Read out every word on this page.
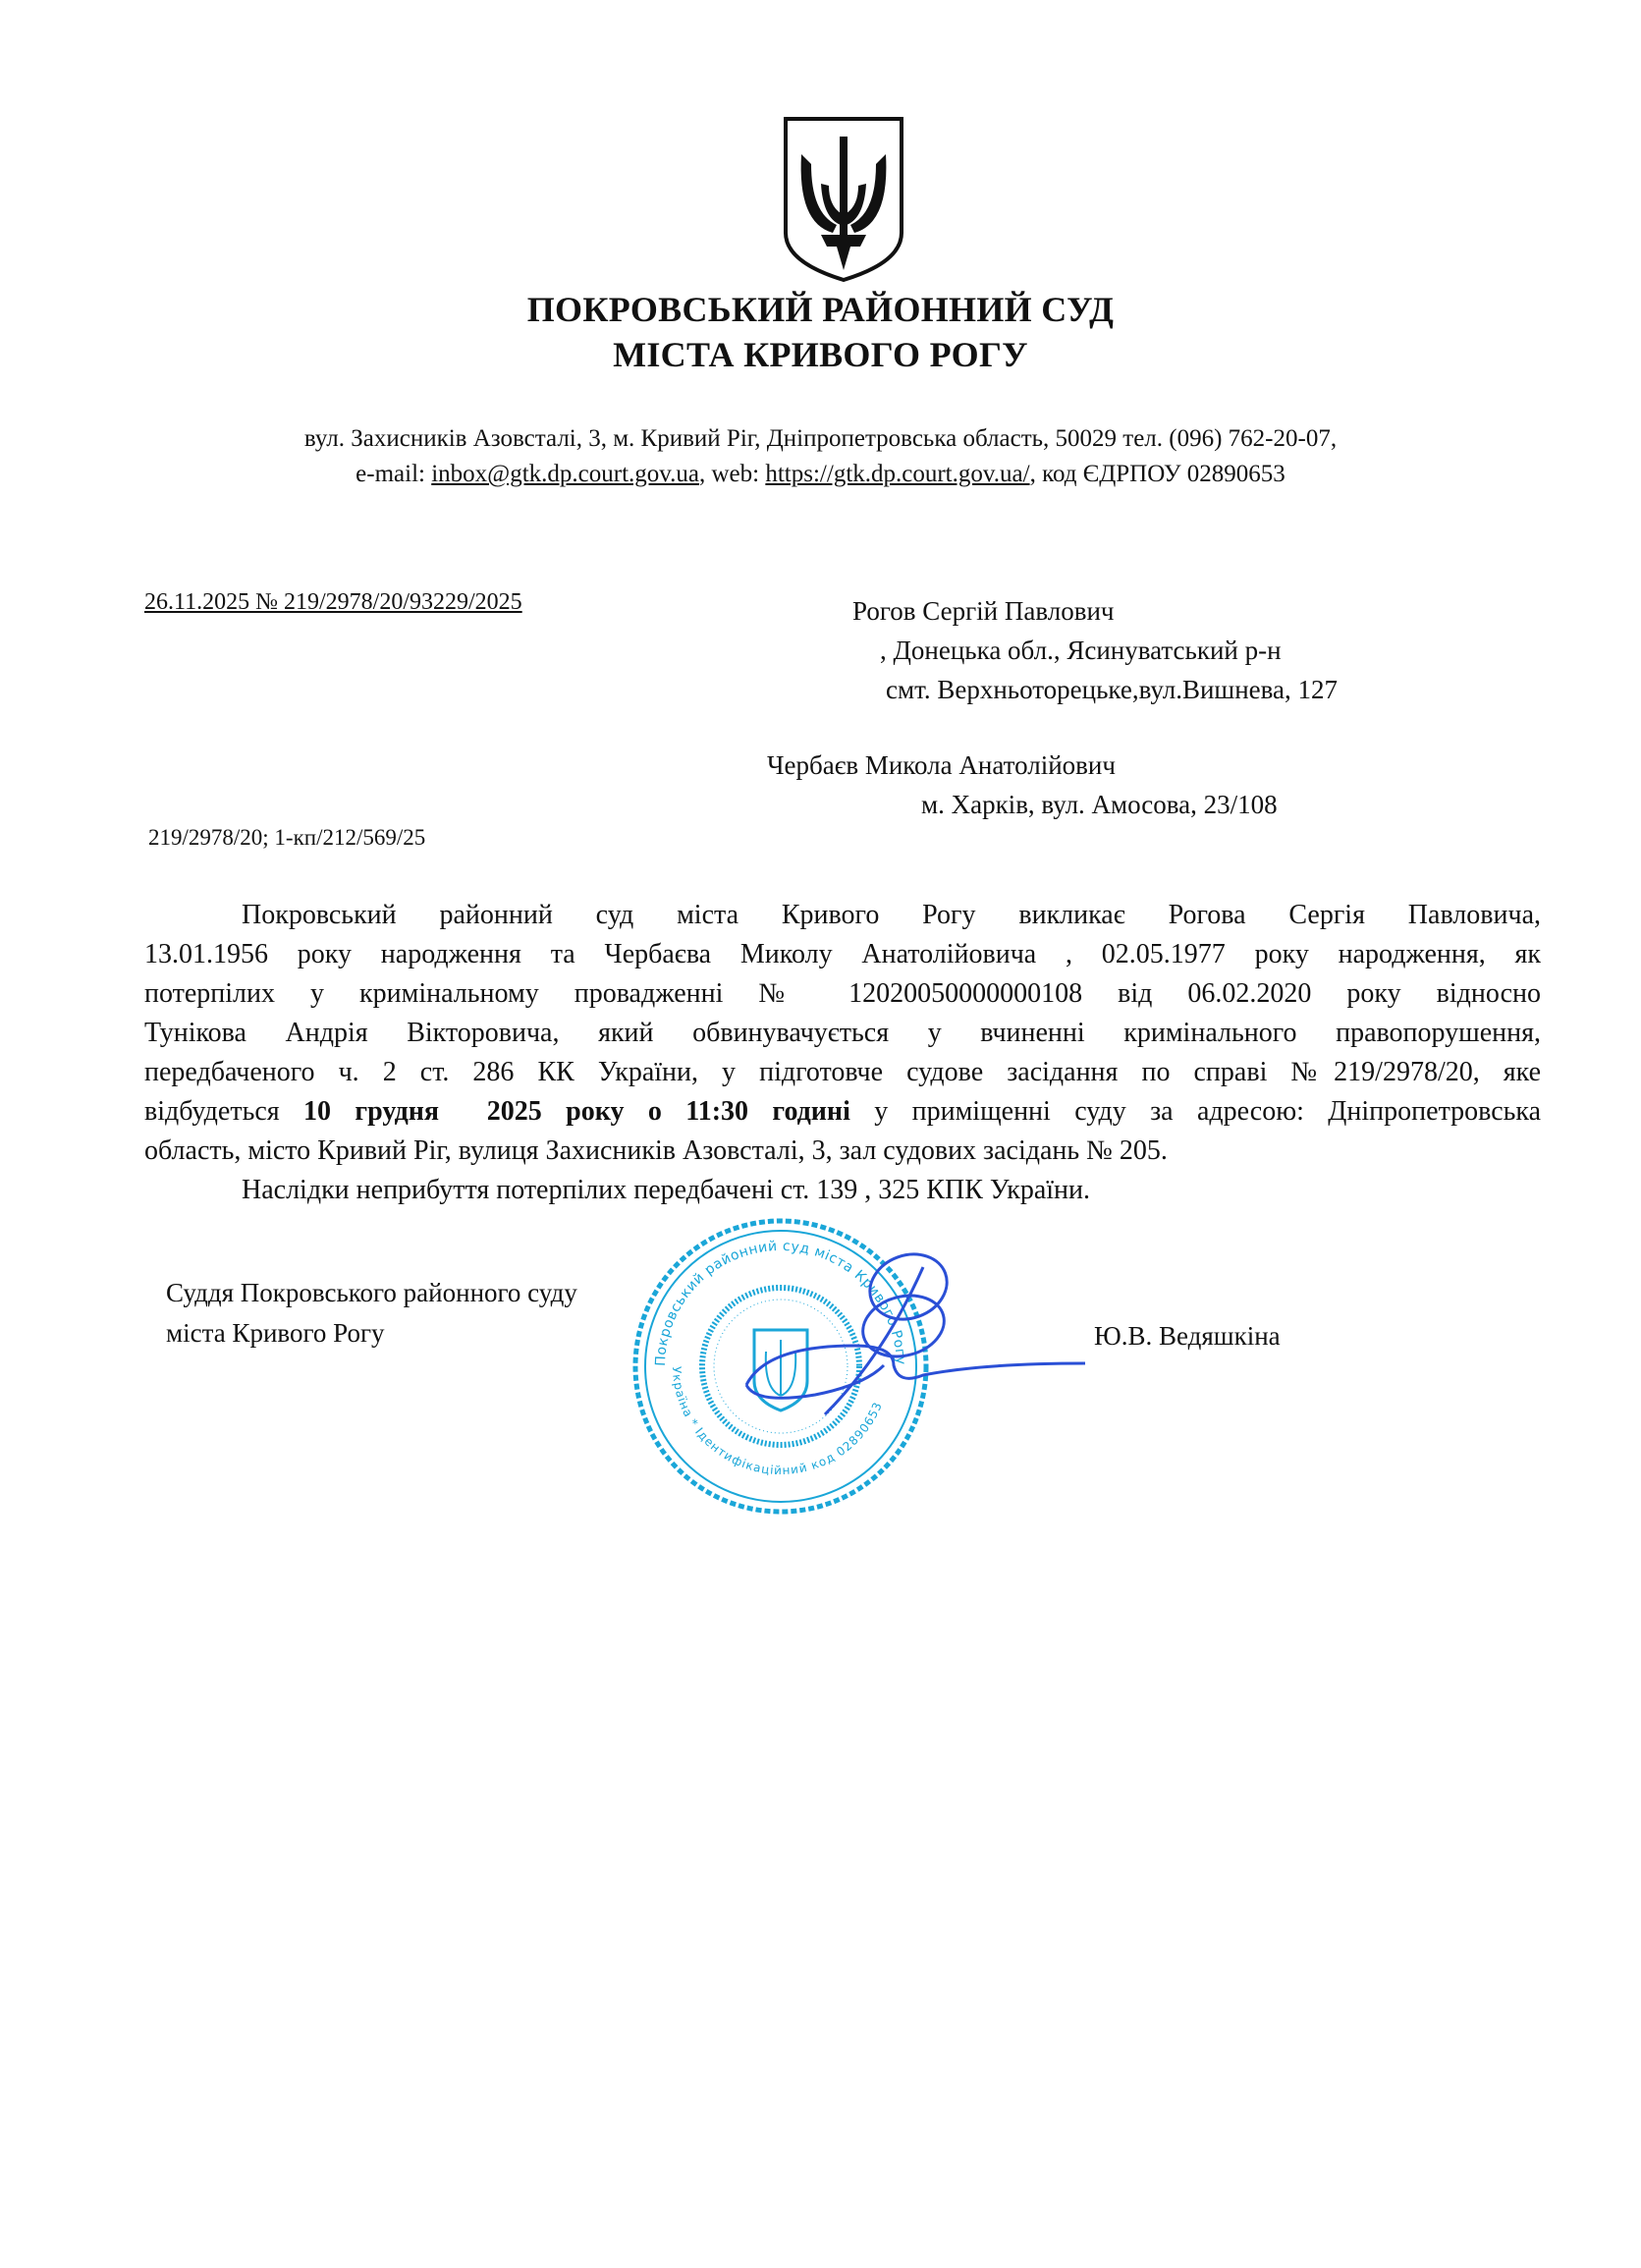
ПОКРОВСЬКИЙ РАЙОННИЙ СУД
МІСТА КРИВОГО РОГУ
вул. Захисників Азовсталі, 3, м. Кривий Ріг, Дніпропетровська область, 50029 тел. (096) 762-20-07,
e-mail: inbox@gtk.dp.court.gov.ua, web: https://gtk.dp.court.gov.ua/, код ЄДРПОУ 02890653
26.11.2025 № 219/2978/20/93229/2025	Рогов Сергій Павлович
, Донецька обл., Ясинуватський р-н
смт. Верхньоторецьке,вул.Вишнева, 127
Чербаєв Микола Анатолійович
м. Харків, вул. Амосова, 23/108
219/2978/20; 1-кп/212/569/25
Покровський районний суд міста Кривого Рогу викликає Рогова Сергія Павловича,
13.01.1956 року народження та Чербаєва Миколу Анатолійовича , 02.05.1977 року народження, як
потерпілих у кримінальному провадженні № 12020050000000108 від 06.02.2020 року відносно
Тунікова Андрія Вікторовича, який обвинувачується у вчиненні кримінального правопорушення,
передбаченого ч. 2 ст. 286 КК України, у підготовче судове засідання по справі №219/2978/20, яке
відбудеться 10 грудня  2025 року о 11:30 годині у приміщенні суду за адресою: Дніпропетровська
область, місто Кривий Ріг, вулиця Захисників Азовсталі, 3, зал судових засідань № 205.
Наслідки неприбуття потерпілих передбачені ст. 139 , 325 КПК України.
Покровський районний суд міста Кривого Рогу
Україна * Ідентифікаційний код 02890653
Суддя Покровського районного суду
міста Кривого Рогу	Ю.В. Ведяшкіна
